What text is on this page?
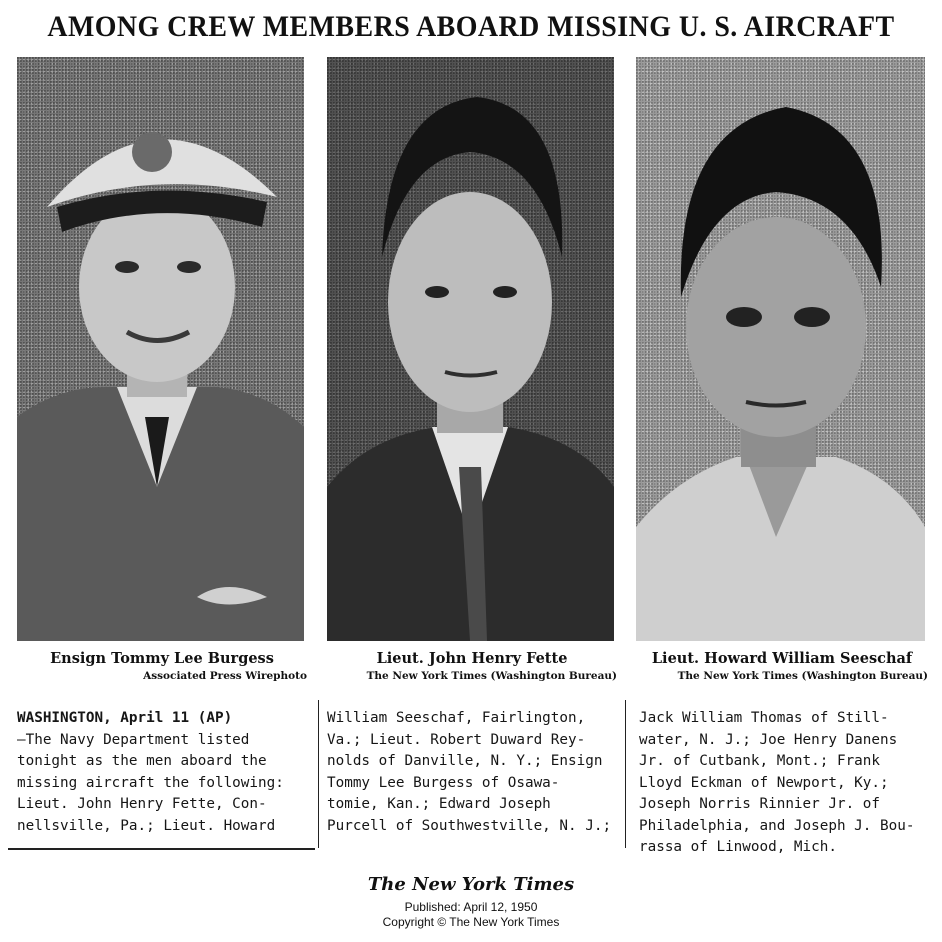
AMONG CREW MEMBERS ABOARD MISSING U. S. AIRCRAFT
Ensign Tommy Lee Burgess
Associated Press Wirephoto
Lieut. John Henry Fette
The New York Times (Washington Bureau)
Lieut. Howard William Seeschaf
The New York Times (Washington Bureau)
WASHINGTON, April 11 (AP)
—The Navy Department listed
tonight as the men aboard the
missing aircraft the following:
Lieut. John Henry Fette, Con-
nellsville, Pa.; Lieut. Howard
William Seeschaf, Fairlington,
Va.; Lieut. Robert Duward Rey-
nolds of Danville, N. Y.; Ensign
Tommy Lee Burgess of Osawa-
tomie, Kan.; Edward Joseph
Purcell of Southwestville, N. J.;
Jack William Thomas of Still-
water, N. J.; Joe Henry Danens
Jr. of Cutbank, Mont.; Frank
Lloyd Eckman of Newport, Ky.;
Joseph Norris Rinnier Jr. of
Philadelphia, and Joseph J. Bou-
rassa of Linwood, Mich.
The New York Times
Published: April 12, 1950
Copyright © The New York Times
